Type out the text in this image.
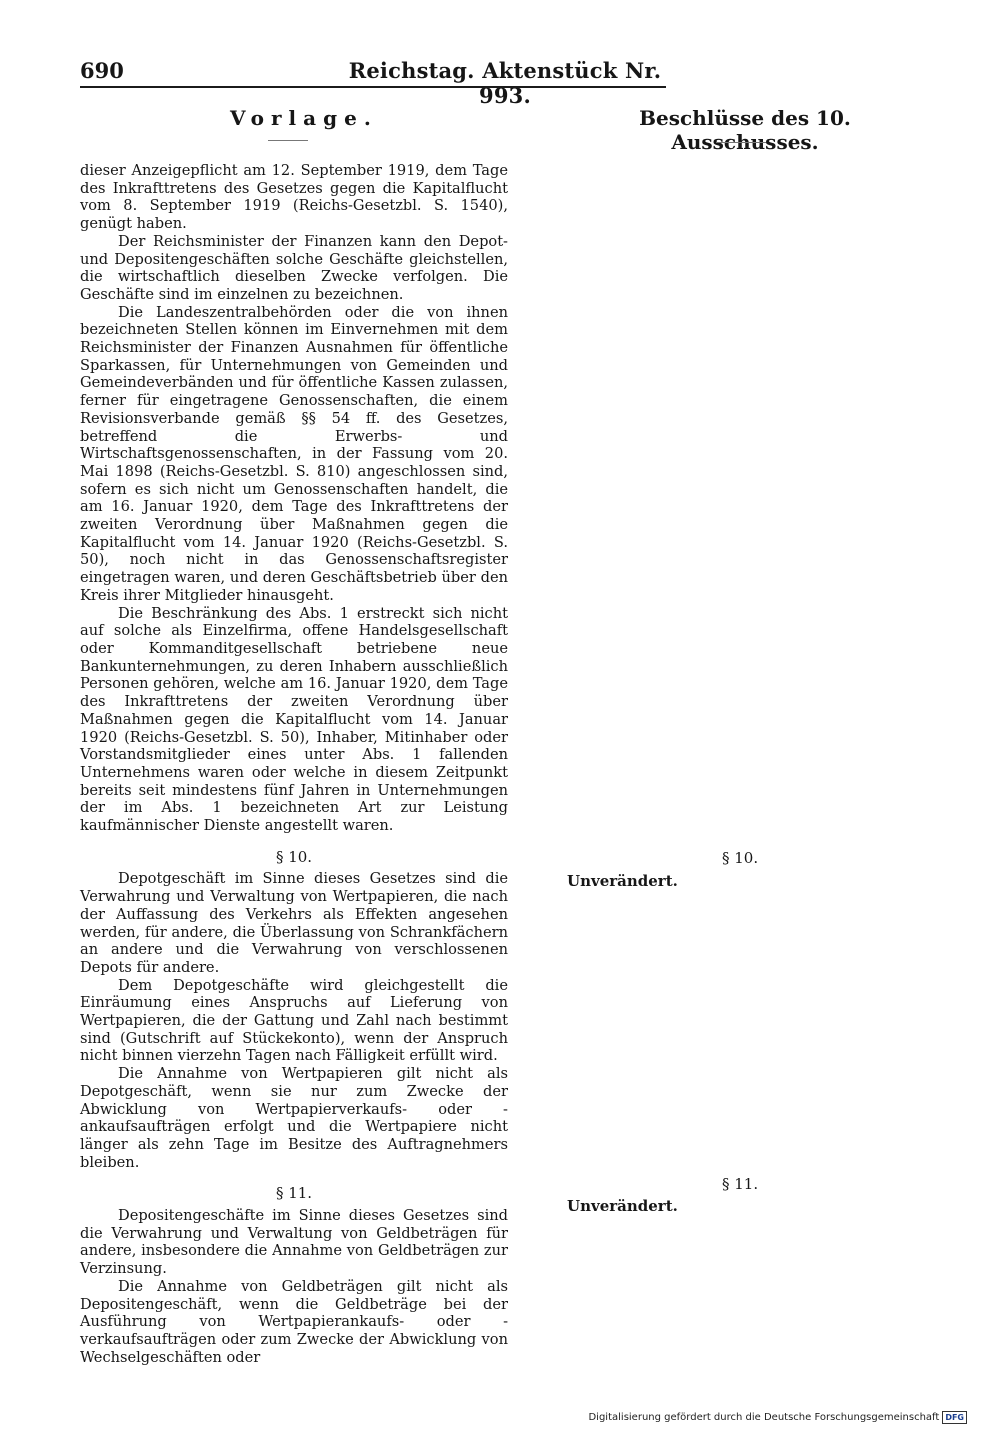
690	Reichstag. Aktenstück Nr. 993.
Vorlage.	Beschlüsse des 10. Ausschusses.

dieser Anzeigepflicht am 12. September 1919, dem Tage des Inkrafttretens des Gesetzes gegen die Kapitalflucht vom 8. September 1919 (Reichs-Gesetzbl. S. 1540), genügt haben.

Der Reichsminister der Finanzen kann den Depot- und Depositengeschäften solche Geschäfte gleichstellen, die wirtschaftlich dieselben Zwecke verfolgen. Die Geschäfte sind im einzelnen zu bezeichnen.

Die Landeszentralbehörden oder die von ihnen bezeichneten Stellen können im Einvernehmen mit dem Reichsminister der Finanzen Ausnahmen für öffentliche Sparkassen, für Unternehmungen von Gemeinden und Gemeindeverbänden und für öffentliche Kassen zulassen, ferner für eingetragene Genossenschaften, die einem Revisionsverbande gemäß §§ 54 ff. des Gesetzes, betreffend die Erwerbs- und Wirtschaftsgenossenschaften, in der Fassung vom 20. Mai 1898 (Reichs-Gesetzbl. S. 810) angeschlossen sind, sofern es sich nicht um Genossenschaften handelt, die am 16. Januar 1920, dem Tage des Inkrafttretens der zweiten Verordnung über Maßnahmen gegen die Kapitalflucht vom 14. Januar 1920 (Reichs-Gesetzbl. S. 50), noch nicht in das Genossenschaftsregister eingetragen waren, und deren Geschäftsbetrieb über den Kreis ihrer Mitglieder hinausgeht.

Die Beschränkung des Abs. 1 erstreckt sich nicht auf solche als Einzelfirma, offene Handelsgesellschaft oder Kommanditgesellschaft betriebene neue Bankunternehmungen, zu deren Inhabern ausschließlich Personen gehören, welche am 16. Januar 1920, dem Tage des Inkrafttretens der zweiten Verordnung über Maßnahmen gegen die Kapitalflucht vom 14. Januar 1920 (Reichs-Gesetzbl. S. 50), Inhaber, Mitinhaber oder Vorstandsmitglieder eines unter Abs. 1 fallenden Unternehmens waren oder welche in diesem Zeitpunkt bereits seit mindestens fünf Jahren in Unternehmungen der im Abs. 1 bezeichneten Art zur Leistung kaufmännischer Dienste angestellt waren.

§ 10.

Depotgeschäft im Sinne dieses Gesetzes sind die Verwahrung und Verwaltung von Wertpapieren, die nach der Auffassung des Verkehrs als Effekten angesehen werden, für andere, die Überlassung von Schrankfächern an andere und die Verwahrung von verschlossenen Depots für andere.

Dem Depotgeschäfte wird gleichgestellt die Einräumung eines Anspruchs auf Lieferung von Wertpapieren, die der Gattung und Zahl nach bestimmt sind (Gutschrift auf Stückekonto), wenn der Anspruch nicht binnen vierzehn Tagen nach Fälligkeit erfüllt wird.

Die Annahme von Wertpapieren gilt nicht als Depotgeschäft, wenn sie nur zum Zwecke der Abwicklung von Wertpapierverkaufs- oder -ankaufsaufträgen erfolgt und die Wertpapiere nicht länger als zehn Tage im Besitze des Auftragnehmers bleiben.

§ 11.

Depositengeschäfte im Sinne dieses Gesetzes sind die Verwahrung und Verwaltung von Geldbeträgen für andere, insbesondere die Annahme von Geldbeträgen zur Verzinsung.

Die Annahme von Geldbeträgen gilt nicht als Depositengeschäft, wenn die Geldbeträge bei der Ausführung von Wertpapierankaufs- oder -verkaufsaufträgen oder zum Zwecke der Abwicklung von Wechselgeschäften oder

§ 10.
Unverändert.
§ 11.
Unverändert.
Digitalisierung gefördert durch die Deutsche Forschungsgemeinschaft DFG
